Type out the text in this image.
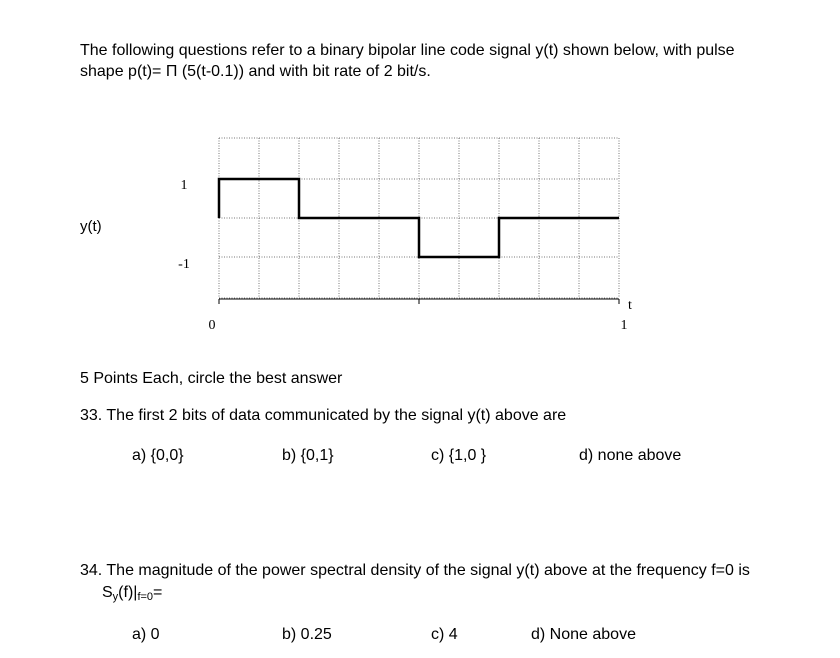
The following questions refer to a binary bipolar line code signal y(t) shown below, with pulse
shape p(t)= Π (5(t-0.1)) and with bit rate of 2 bit/s.
1
-1
0	1
t
y(t)
5 Points Each, circle the best answer
33. The first 2 bits of data communicated by the signal y(t) above are
a) {0,0}	b) {0,1}	c) {1,0 }	d) none above
34. The magnitude of the power spectral density of the signal y(t) above at the frequency f=0 is
$S_y(f)|_{f=0}=$
a) 0	b) 0.25	c) 4	d) None above
